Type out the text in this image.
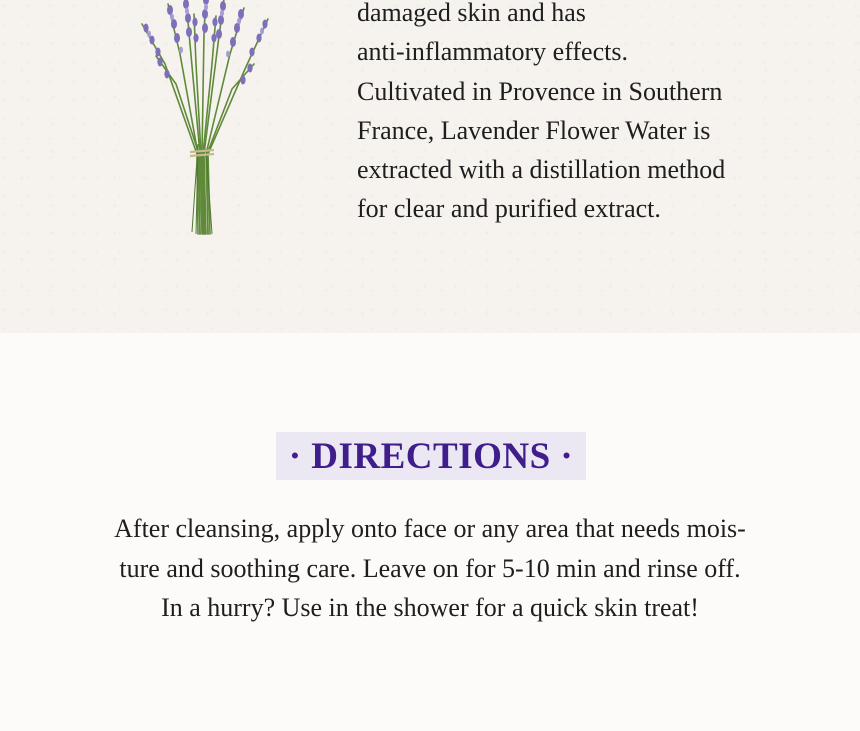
damaged skin and has
anti-inflammatory effects.
Cultivated in Provence in Southern
France, Lavender Flower Water is
extracted with a distillation method
for clear and purified extract.

· DIRECTIONS ·

After cleansing, apply onto face or any area that needs mois-
ture and soothing care. Leave on for 5-10 min and rinse off.
In a hurry? Use in the shower for a quick skin treat!
